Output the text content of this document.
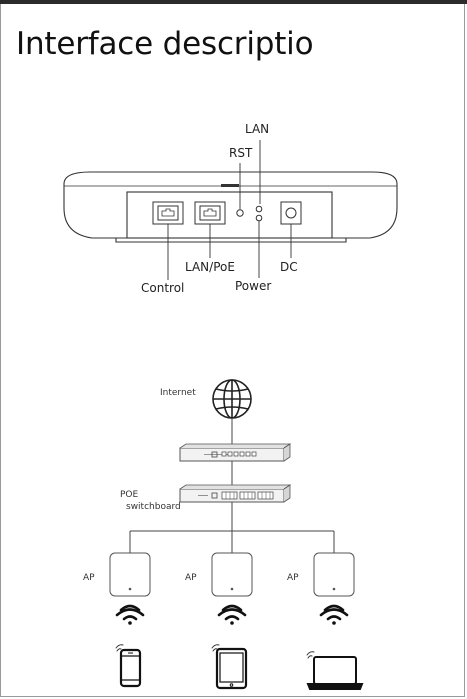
Interface descriptio
LAN
RST
LAN/PoE	DC
Control	Power
Internet
POE
switchboard
AP	AP	AP
